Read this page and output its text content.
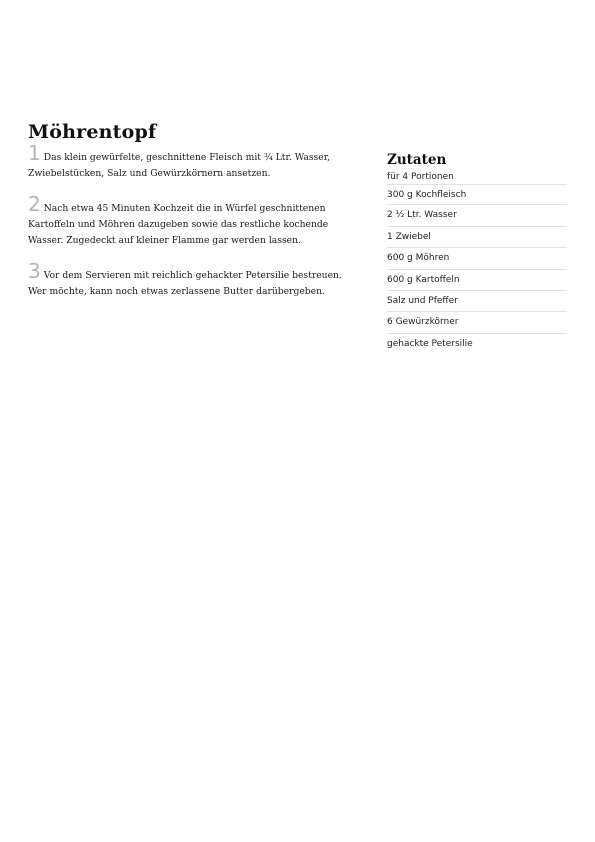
Möhrentopf

1 Das klein gewürfelte, geschnittene Fleisch mit ¾ Ltr. Wasser, Zwiebelstücken, Salz und Gewürzkörnern ansetzen.

2 Nach etwa 45 Minuten Kochzeit die in Würfel geschnittenen Kartoffeln und Möhren dazugeben sowie das restliche kochende Wasser. Zugedeckt auf kleiner Flamme gar werden lassen.

3 Vor dem Servieren mit reichlich gehackter Petersilie bestreuen. Wer möchte, kann noch etwas zerlassene Butter darübergeben.

Zutaten

für 4 Portionen

300 g Kochfleisch
2 ½ Ltr. Wasser
1 Zwiebel
600 g Möhren
600 g Kartoffeln
Salz und Pfeffer
6 Gewürzkörner
gehackte Petersilie
